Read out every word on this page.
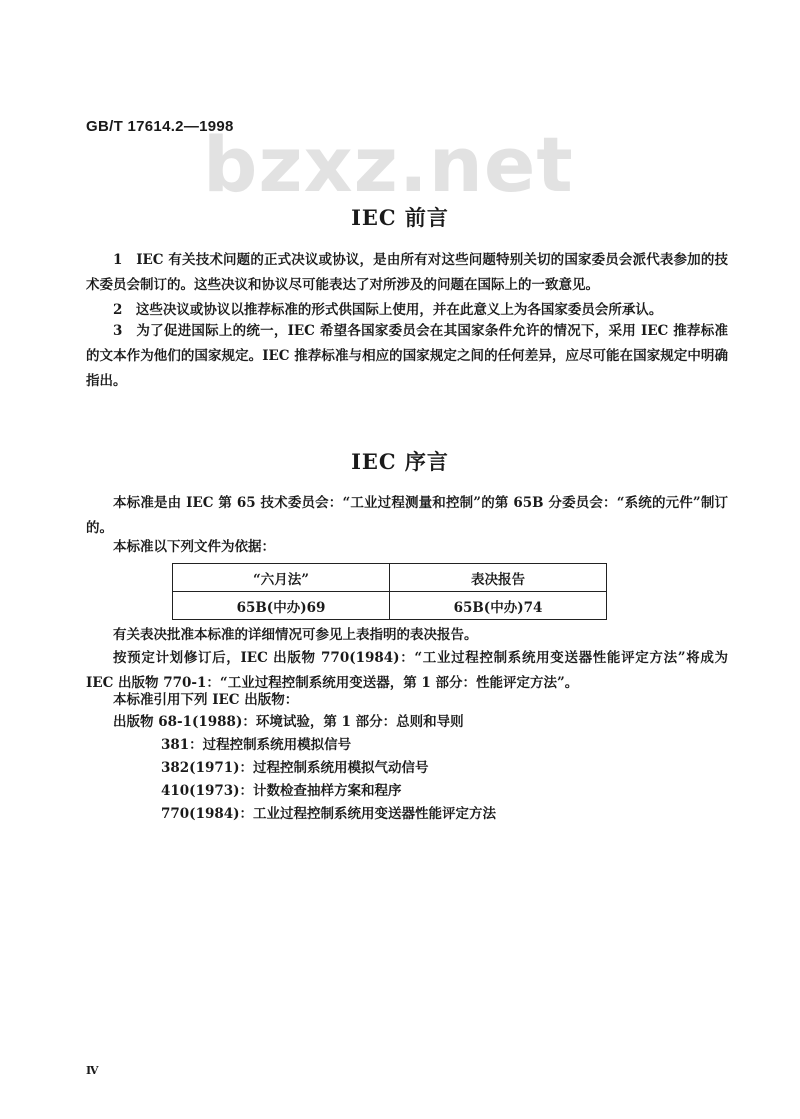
GB/T 17614.2—1998
bzxz.net
IEC 前言
1　IEC 有关技术问题的正式决议或协议，是由所有对这些问题特别关切的国家委员会派代表参加的技术委员会制订的。这些决议和协议尽可能表达了对所涉及的问题在国际上的一致意见。
2　这些决议或协议以推荐标准的形式供国际上使用，并在此意义上为各国家委员会所承认。
3　为了促进国际上的统一，IEC 希望各国家委员会在其国家条件允许的情况下，采用 IEC 推荐标准的文本作为他们的国家规定。IEC 推荐标准与相应的国家规定之间的任何差异，应尽可能在国家规定中明确指出。
IEC 序言
本标准是由 IEC 第 65 技术委员会：“工业过程测量和控制”的第 65B 分委员会：“系统的元件”制订的。
本标准以下列文件为依据：
“六月法”	表决报告
65B(中办)69	65B(中办)74
有关表决批准本标准的详细情况可参见上表指明的表决报告。
按预定计划修订后，IEC 出版物 770(1984)：“工业过程控制系统用变送器性能评定方法”将成为 IEC 出版物 770-1：“工业过程控制系统用变送器，第 1 部分：性能评定方法”。
本标准引用下列 IEC 出版物：
出版物 68-1(1988)：环境试验，第 1 部分：总则和导则
381：过程控制系统用模拟信号
382(1971)：过程控制系统用模拟气动信号
410(1973)：计数检查抽样方案和程序
770(1984)：工业过程控制系统用变送器性能评定方法
Ⅳ
